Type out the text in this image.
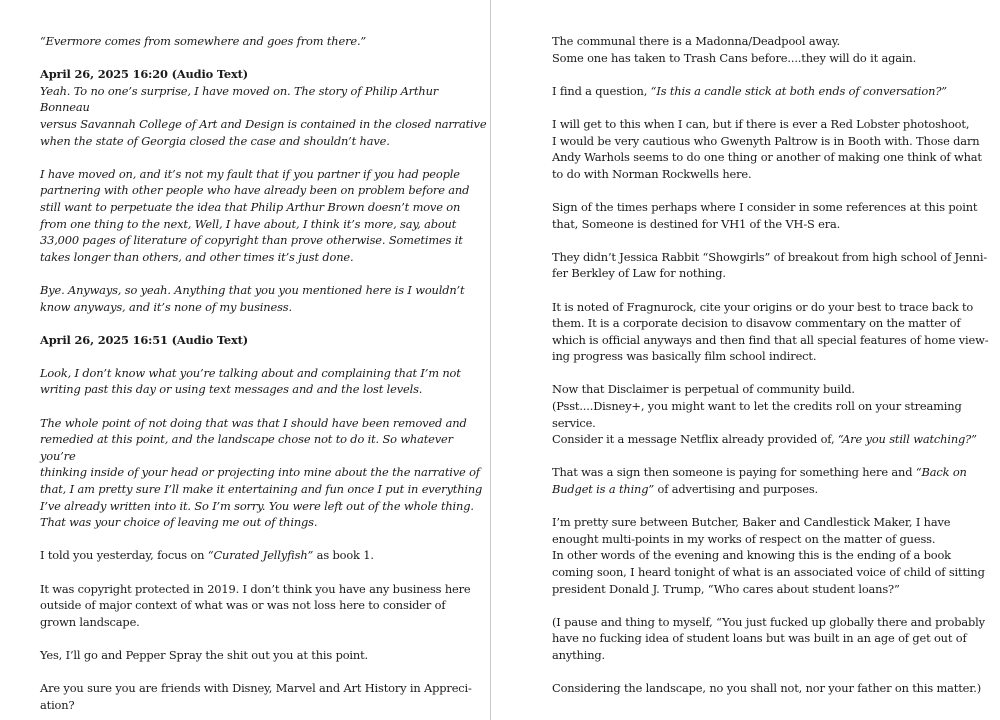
“Evermore comes from somewhere and goes from there.”

April 26, 2025 16:20 (Audio Text)

Yeah. To no one’s surprise, I have moved on. The story of Philip Arthur Bonneau
versus Savannah College of Art and Design is contained in the closed narrative
when the state of Georgia closed the case and shouldn’t have.

I have moved on, and it’s not my fault that if you partner if you had people
partnering with other people who have already been on problem before and
still want to perpetuate the idea that Philip Arthur Brown doesn’t move on
from one thing to the next, Well, I have about, I think it’s more, say, about
33,000 pages of literature of copyright than prove otherwise. Sometimes it
takes longer than others, and other times it’s just done.

Bye. Anyways, so yeah. Anything that you you mentioned here is I wouldn’t
know anyways, and it’s none of my business.

April 26, 2025 16:51 (Audio Text)

Look, I don’t know what you’re talking about and complaining that I’m not
writing past this day or using text messages and and the lost levels.

The whole point of not doing that was that I should have been removed and
remedied at this point, and the landscape chose not to do it. So whatever you’re
thinking inside of your head or projecting into mine about the the narrative of
that, I am pretty sure I’ll make it entertaining and fun once I put in everything
I’ve already written into it. So I’m sorry. You were left out of the whole thing.
That was your choice of leaving me out of things.

I told you yesterday, focus on “Curated Jellyfish” as book 1.

It was copyright protected in 2019. I don’t think you have any business here
outside of major context of what was or was not loss here to consider of
grown landscape.

Yes, I’ll go and Pepper Spray the shit out you at this point.

Are you sure you are friends with Disney, Marvel and Art History in Appreci-
ation?

The communal there is a Madonna/Deadpool away.
Some one has taken to Trash Cans before....they will do it again.

I find a question, “Is this a candle stick at both ends of conversation?”

I will get to this when I can, but if there is ever a Red Lobster photoshoot,
I would be very cautious who Gwenyth Paltrow is in Booth with. Those darn
Andy Warhols seems to do one thing or another of making one think of what
to do with Norman Rockwells here.

Sign of the times perhaps where I consider in some references at this point
that, Someone is destined for VH1 of the VH-S era.

They didn’t Jessica Rabbit “Showgirls” of breakout from high school of Jenni-
fer Berkley of Law for nothing.

It is noted of Fragnurock, cite your origins or do your best to trace back to
them. It is a corporate decision to disavow commentary on the matter of
which is official anyways and then find that all special features of home view-
ing progress was basically film school indirect.

Now that Disclaimer is perpetual of community build.
(Psst....Disney+, you might want to let the credits roll on your streaming
service.

Consider it a message Netflix already provided of, “Are you still watching?”

That was a sign then someone is paying for something here and “Back on
Budget is a thing” of advertising and purposes.

I’m pretty sure between Butcher, Baker and Candlestick Maker, I have
enought multi-points in my works of respect on the matter of guess.
In other words of the evening and knowing this is the ending of a book
coming soon, I heard tonight of what is an associated voice of child of sitting
president Donald J. Trump, “Who cares about student loans?”

(I pause and thing to myself, “You just fucked up globally there and probably
have no fucking idea of student loans but was built in an age of get out of
anything.

Considering the landscape, no you shall not, nor your father on this matter.)
